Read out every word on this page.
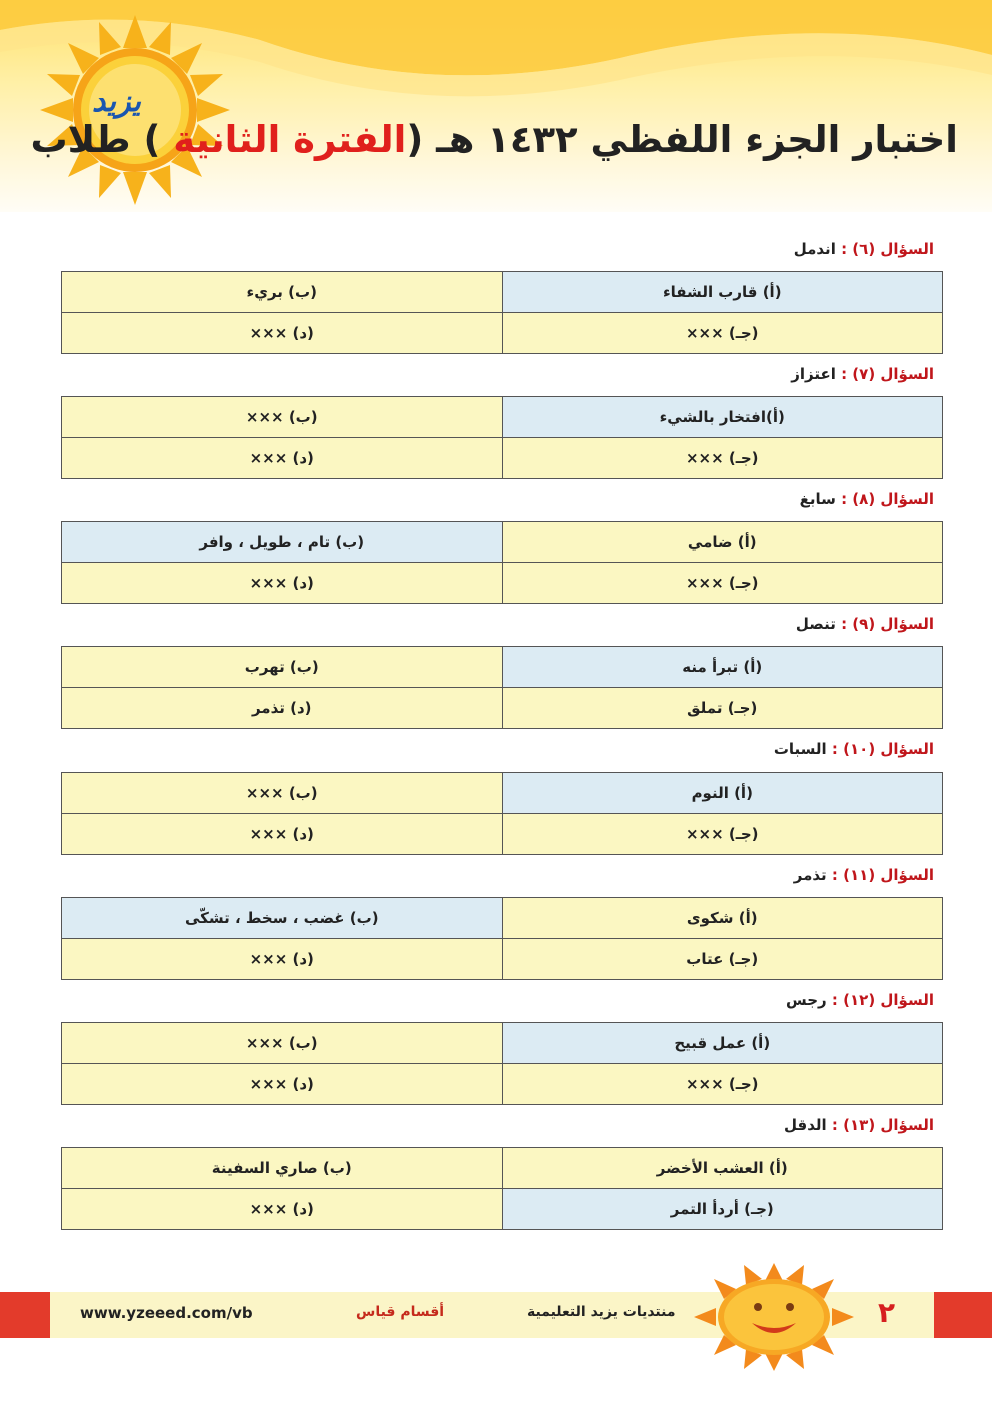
يزيد
اختبار الجزء اللفظي ١٤٣٢ هـ (الفترة الثانية ) طلاب
السؤال (٦) : اندمل
(أ) قارب الشفاء	(ب) بريء
(جـ) ×××	(د) ×××
السؤال (٧) : اعتزاز
(أ)افتخار بالشيء	(ب) ×××
(جـ) ×××	(د) ×××
السؤال (٨) : سابغ
(أ) ضامي	(ب) تام ، طويل ، وافر
(جـ) ×××	(د) ×××
السؤال (٩) : تنصل
(أ) تبرأ منه	(ب) تهرب
(جـ) تملق	(د) تذمر
السؤال (١٠) : السبات
(أ) النوم	(ب) ×××
(جـ) ×××	(د) ×××
السؤال (١١) : تذمر
(أ) شكوى	(ب) غضب ، سخط ، تشكّى
(جـ) عتاب	(د) ×××
السؤال (١٢) : رجس
(أ) عمل قبيح	(ب) ×××
(جـ) ×××	(د) ×××
السؤال (١٣) : الدقل
(أ) العشب الأخضر	(ب) صاري السفينة
(جـ) أردأ التمر	(د) ×××
www.yzeeed.com/vb	أقسام قياس	منتديات يزيد التعليمية	٢
